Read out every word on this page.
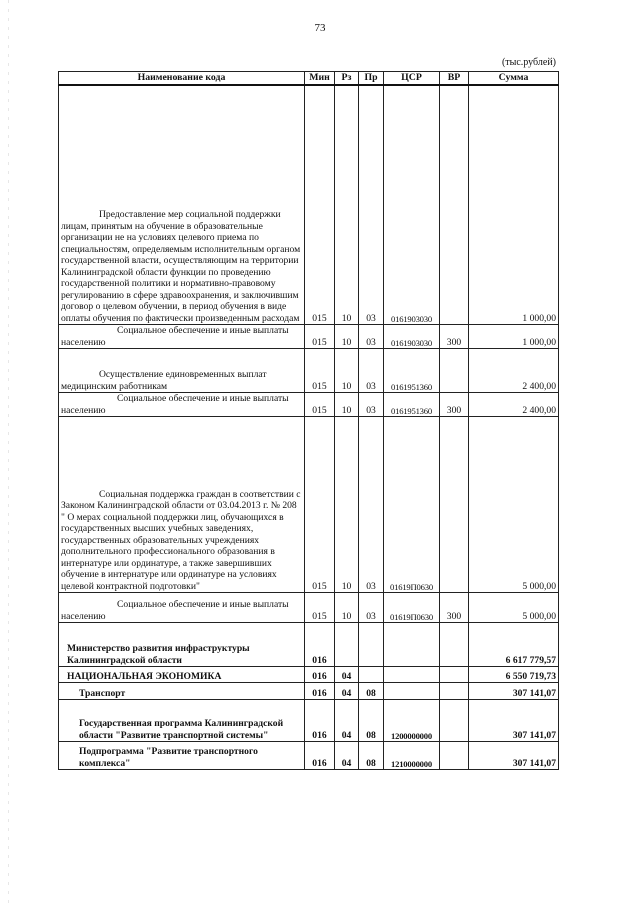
73
(тыс.рублей)
Наименование кода	Мин	Рз	Пр	ЦСР	ВР	Сумма

Предоставление мер социальной поддержки лицам, принятым на обучение в образовательные организации не на условиях целевого приема по специальностям, определяемым исполнительным органом государственной власти, осуществляющим на территории Калининградской области функции по проведению государственной политики и нормативно-правовому регулированию в сфере здравоохранения, и заключившим договор о целевом обучении, в период обучения в виде оплаты обучения по фактически произведенным расходам	015	10	03	0161903030		1 000,00

Социальное обеспечение и иные выплаты населению	015	10	03	0161903030	300	1 000,00

Осуществление единовременных выплат медицинским работникам	015	10	03	0161951360		2 400,00

Социальное обеспечение и иные выплаты населению	015	10	03	0161951360	300	2 400,00

Социальная поддержка граждан в соответствии с Законом Калининградской области от 03.04.2013 г. № 208 " О мерах социальной поддержки лиц, обучающихся в государственных высших учебных заведениях, государственных образовательных учреждениях дополнительного профессионального образования в интернатуре или ординатуре, а также завершивших обучение в интернатуре или ординатуре на условиях целевой контрактной подготовки"	015	10	03	01619П0630		5 000,00

Социальное обеспечение и иные выплаты населению	015	10	03	01619П0630	300	5 000,00

Министерство развития инфраструктуры Калининградской области	016					6 617 779,57

НАЦИОНАЛЬНАЯ ЭКОНОМИКА	016	04				6 550 719,73

Транспорт	016	04	08			307 141,07

Государственная программа Калининградской области "Развитие транспортной системы"	016	04	08	1200000000		307 141,07

Подпрограмма "Развитие транспортного комплекса"	016	04	08	1210000000		307 141,07
